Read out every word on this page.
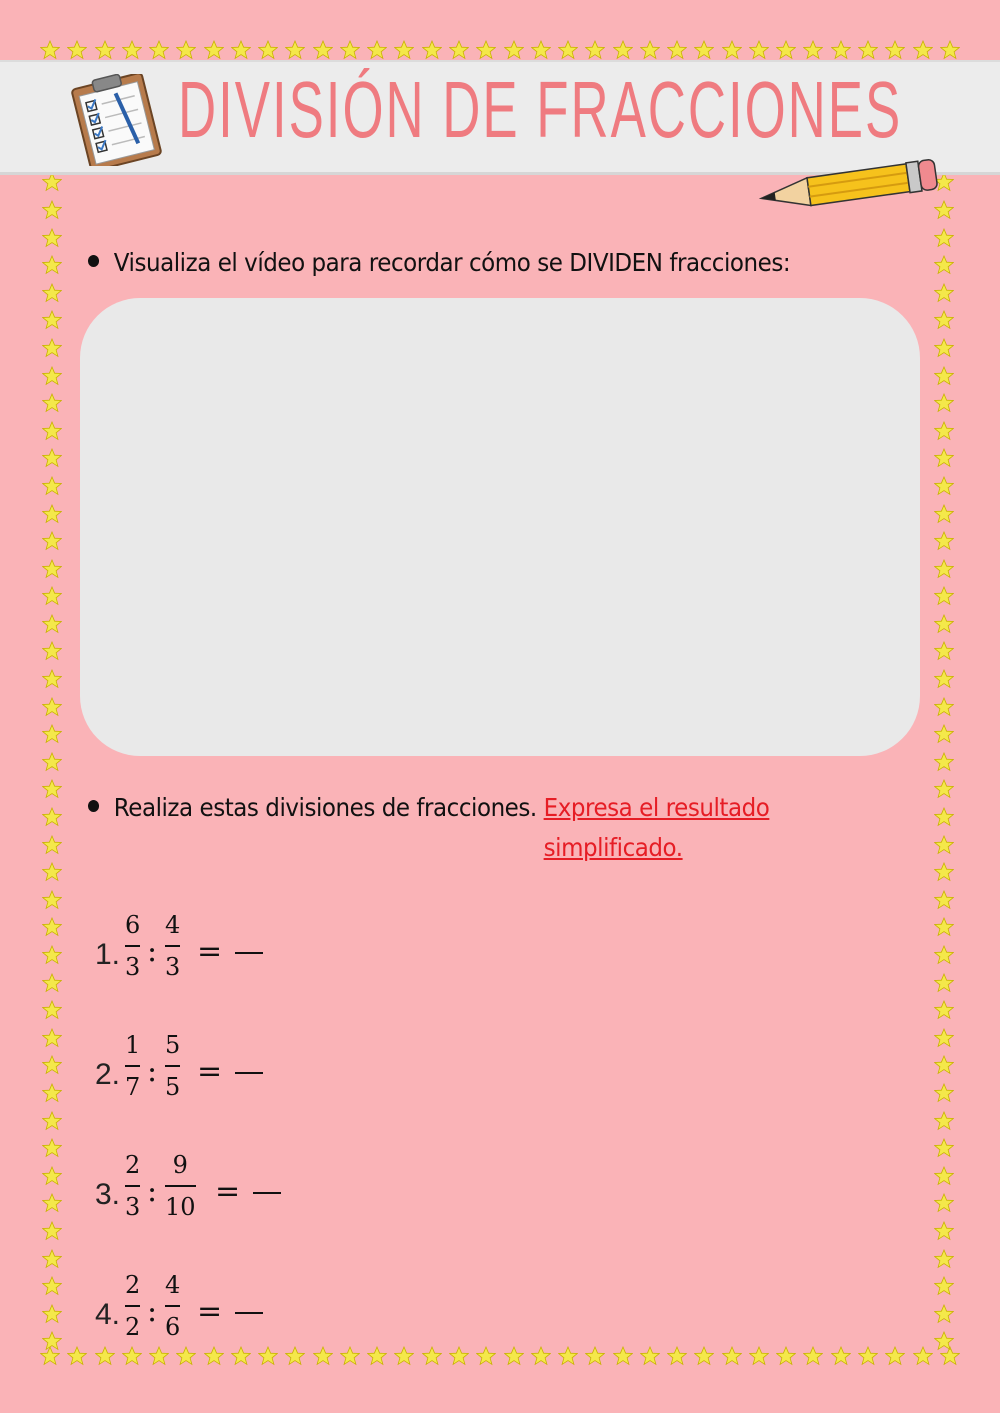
DIVISIÓN DE FRACCIONES
Visualiza el vídeo para recordar cómo se DIVIDEN fracciones:
Realiza estas divisiones de fracciones. Expresa el resultado simplificado.
1.
6
3 :
4
3 =
2.
1
7 :
5
5 =
3.
2
3 :
9
10 =
4.
2
2 :
4
6 =
